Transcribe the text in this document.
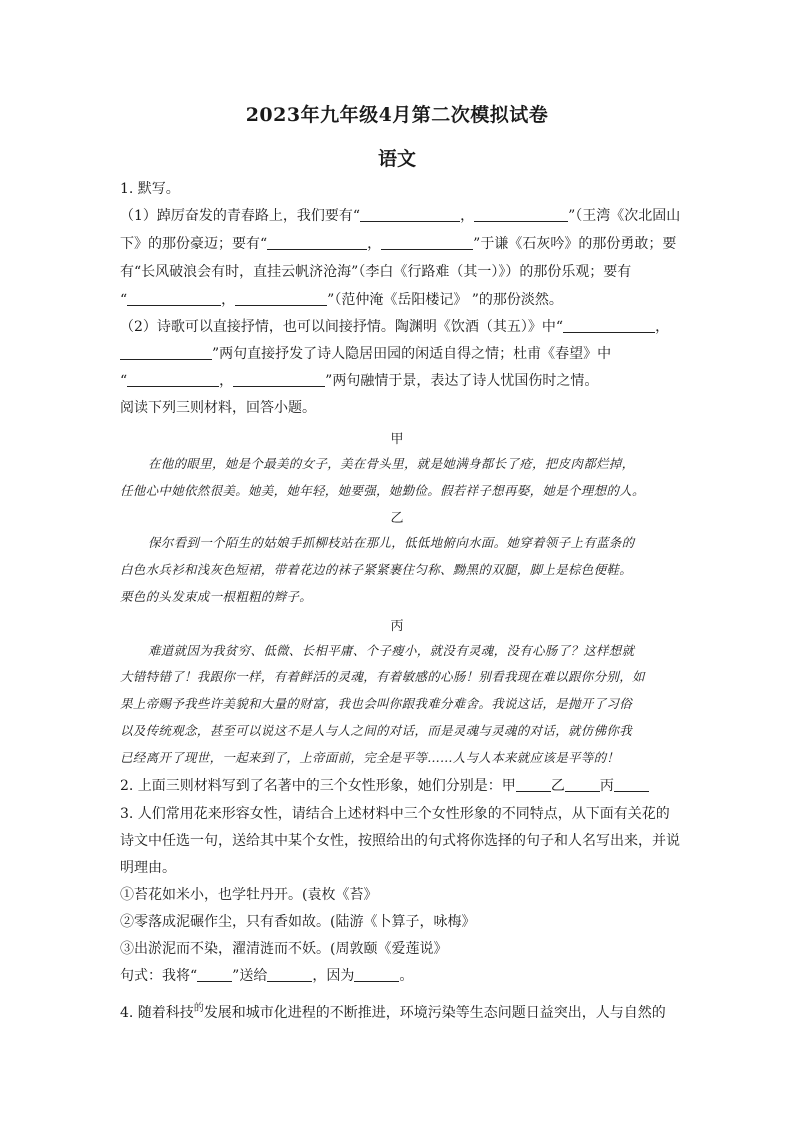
2023年九年级4月第二次模拟试卷
语文
1. 默写。
（1）踔厉奋发的青春路上，我们要有“	，	”（王湾《次北固山
下》的那份豪迈；要有“	，	”于谦《石灰吟》的那份勇敢；要
有“长风破浪会有时，直挂云帆济沧海”（李白《行路难（其一）》）的那份乐观；要有
“	，	”（范仲淹《岳阳楼记》 ”的那份淡然。
（2）诗歌可以直接抒情，也可以间接抒情。陶渊明《饮酒（其五）》中“	，
”两句直接抒发了诗人隐居田园的闲适自得之情；杜甫《春望》中
“	，	”两句融情于景，表达了诗人忧国伤时之情。
阅读下列三则材料，回答小题。
甲
在他的眼里，她是个最美的女子，美在骨头里，就是她满身都长了疮，把皮肉都烂掉，
任他心中她依然很美。她美，她年轻，她要强，她勤俭。假若祥子想再娶，她是个理想的人。
乙
保尔看到一个陌生的姑娘手抓柳枝站在那儿，低低地俯向水面。她穿着领子上有蓝条的
白色水兵衫和浅灰色短裙，带着花边的袜子紧紧裹住匀称、黝黑的双腿，脚上是棕色便鞋。
栗色的头发束成一根粗粗的辫子。
丙
难道就因为我贫穷、低微、长相平庸、个子瘦小，就没有灵魂，没有心肠了？这样想就
大错特错了！我跟你一样，有着鲜活的灵魂，有着敏感的心肠！别看我现在难以跟你分别，如
果上帝赐予我些许美貌和大量的财富，我也会叫你跟我难分难舍。我说这话，是抛开了习俗
以及传统观念，甚至可以说这不是人与人之间的对话，而是灵魂与灵魂的对话，就仿佛你我
已经离开了现世，一起来到了，上帝面前，完全是平等……人与人本来就应该是平等的！
2. 上面三则材料写到了名著中的三个女性形象，她们分别是：甲	乙	丙
3. 人们常用花来形容女性，请结合上述材料中三个女性形象的不同特点，从下面有关花的
诗文中任选一句，送给其中某个女性，按照给出的句式将你选择的句子和人名写出来，并说
明理由。
①苔花如米小，也学牡丹开。(袁枚《苔》
②零落成泥碾作尘，只有香如故。(陆游《卜算子，咏梅》
③出淤泥而不染，濯清涟而不妖。(周敦颐《爱莲说》
句式：我将“	”送给	，因为	。
4. 随着科技$^的$发展和城市化进程的不断推进，环境污染等生态问题日益突出，人与自然的
